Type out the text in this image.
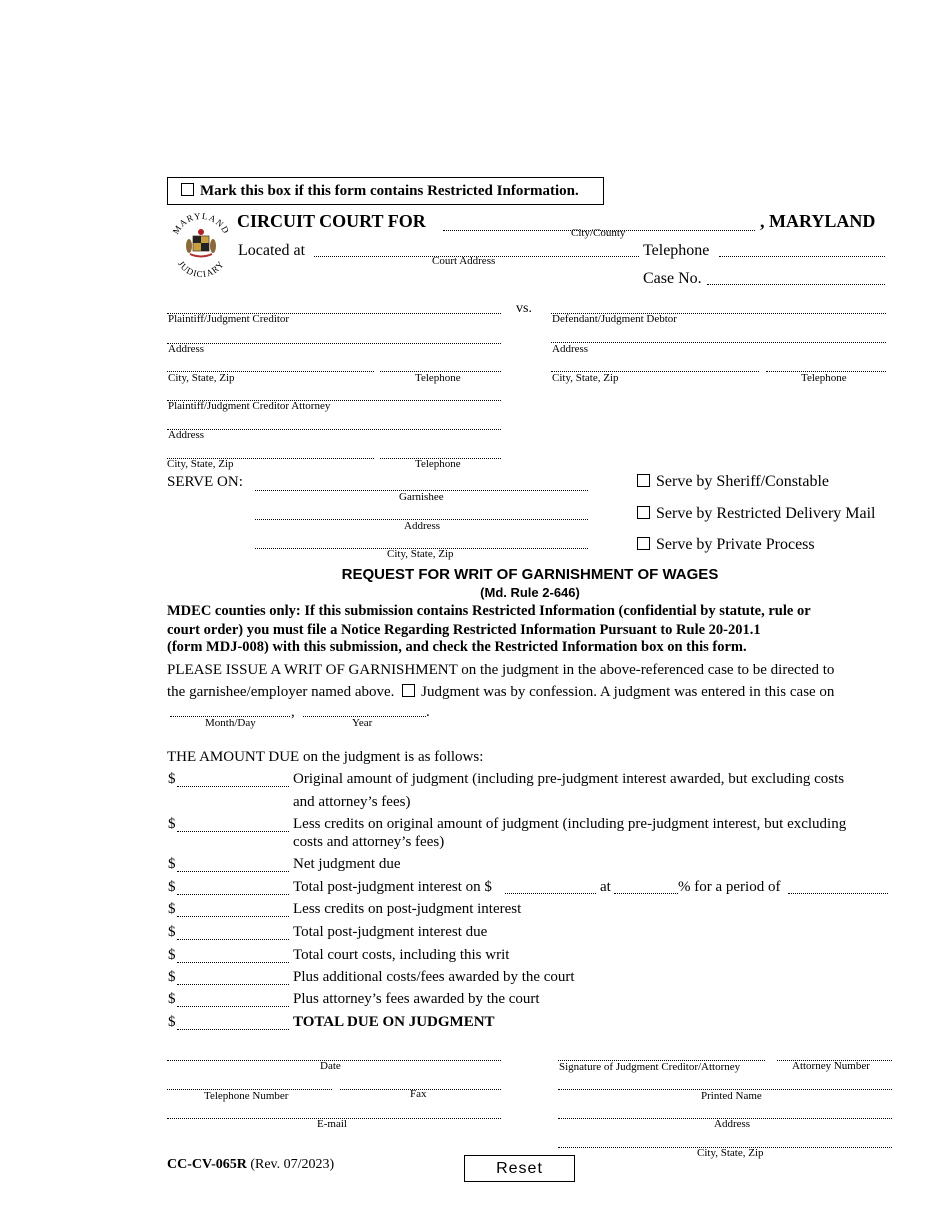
Mark this box if this form contains Restricted Information.
MARYLAND
JUDICIARY
CIRCUIT COURT FOR
City/County
, MARYLAND
Located at
Court Address
Telephone
Case No.
Plaintiff/Judgment Creditor
vs.
Address
City, State, Zip	Telephone
Plaintiff/Judgment Creditor Attorney
Address
City, State, Zip	Telephone
Defendant/Judgment Debtor
Address
City, State, Zip	Telephone
SERVE ON:
Garnishee
Address
City, State, Zip
Serve by Sheriff/Constable
Serve by Restricted Delivery Mail
Serve by Private Process
REQUEST FOR WRIT OF GARNISHMENT OF WAGES
(Md. Rule 2-646)
MDEC counties only: If this submission contains Restricted Information (confidential by statute, rule or
court order) you must file a Notice Regarding Restricted Information Pursuant to Rule 20-201.1
(form MDJ-008) with this submission, and check the Restricted Information box on this form.
PLEASE ISSUE A WRIT OF GARNISHMENT on the judgment in the above-referenced case to be directed to
the garnishee/employer named above. Judgment was by confession. A judgment was entered in this case on
,	.
Month/Day	Year
THE AMOUNT DUE on the judgment is as follows:
$	Original amount of judgment (including pre-judgment interest awarded, but excluding costs
and attorney’s fees)
$	Less credits on original amount of judgment (including pre-judgment interest, but excluding
costs and attorney’s fees)
$	Net judgment due
$	Total post-judgment interest on $	at	% for a period of
$	Less credits on post-judgment interest
$	Total post-judgment interest due
$	Total court costs, including this writ
$	Plus additional costs/fees awarded by the court
$	Plus attorney’s fees awarded by the court
$	TOTAL DUE ON JUDGMENT
Date
Telephone Number	Fax
E-mail
Signature of Judgment Creditor/Attorney	Attorney Number
Printed Name
Address
City, State, Zip
CC-CV-065R (Rev. 07/2023)	Reset
